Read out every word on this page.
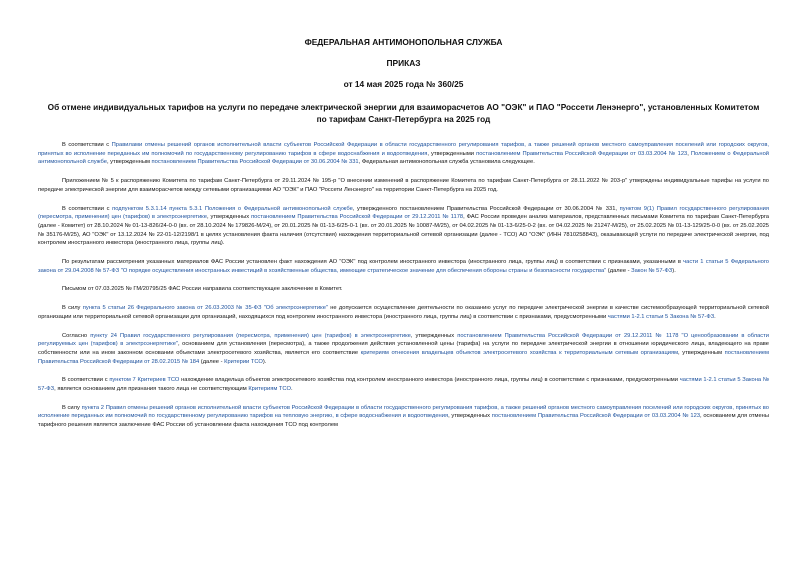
ФЕДЕРАЛЬНАЯ АНТИМОНОПОЛЬНАЯ СЛУЖБА

ПРИКАЗ

от 14 мая 2025 года № 360/25

Об отмене индивидуальных тарифов на услуги по передаче электрической энергии для взаиморасчетов АО "ОЭК" и ПАО "Россети Ленэнерго", установленных Комитетом по тарифам Санкт-Петербурга на 2025 год

В соответствии с Правилами отмены решений органов исполнительной власти субъектов Российской Федерации в области государственного регулирования тарифов, а также решений органов местного самоуправления поселений или городских округов, принятых во исполнение переданных им полномочий по государственному регулированию тарифов в сфере водоснабжения и водоотведения, утвержденными постановлением Правительства Российской Федерации от 03.03.2004 № 123, Положением о Федеральной антимонопольной службе, утвержденным постановлением Правительства Российской Федерации от 30.06.2004 № 331, Федеральная антимонопольная служба установила следующее.

Приложением № 5 к распоряжению Комитета по тарифам Санкт-Петербурга от 29.11.2024 № 195-р "О внесении изменений в распоряжение Комитета по тарифам Санкт-Петербурга от 28.11.2022 № 203-р" утверждены индивидуальные тарифы на услуги по передаче электрической энергии для взаиморасчетов между сетевыми организациями АО "ОЭК" и ПАО "Россети Ленэнерго" на территории Санкт-Петербурга на 2025 год.

В соответствии с подпунктом 5.3.1.14 пункта 5.3.1 Положения о Федеральной антимонопольной службе, утвержденного постановлением Правительства Российской Федерации от 30.06.2004 № 331, пунктом 9(1) Правил государственного регулирования (пересмотра, применения) цен (тарифов) в электроэнергетике, утвержденных постановлением Правительства Российской Федерации от 29.12.2011 № 1178, ФАС России проведен анализ материалов, представленных письмами Комитета по тарифам Санкт-Петербурга (далее - Комитет) от 28.10.2024 № 01-13-826/24-0-0 (вх. от 28.10.2024 № 179826-М/24), от 20.01.2025 № 01-13-6/25-0-1 (вх. от 20.01.2025 № 10087-М/25), от 04.02.2025 № 01-13-6/25-0-2 (вх. от 04.02.2025 № 21247-М/25), от 25.02.2025 № 01-13-129/25-0-0 (вх. от 25.02.2025 № 35176-М/25), АО "ОЭК" от 13.12.2024 № 22-01-12/2198/1 в целях установления факта наличия (отсутствия) нахождения территориальной сетевой организации (далее - ТСО) АО "ОЭК" (ИНН 7810258843), оказывающей услуги по передаче электрической энергии, под контролем иностранного инвестора (иностранного лица, группы лиц).

По результатам рассмотрения указанных материалов ФАС России установлен факт нахождения АО "ОЭК" под контролем иностранного инвестора (иностранного лица, группы лиц) в соответствии с признаками, указанными в части 1 статьи 5 Федерального закона от 29.04.2008 № 57-ФЗ "О порядке осуществления иностранных инвестиций в хозяйственные общества, имеющие стратегическое значение для обеспечения обороны страны и безопасности государства" (далее - Закон № 57-ФЗ).

Письмом от 07.03.2025 № ГМ/20795/25 ФАС России направила соответствующее заключение в Комитет.

В силу пункта 5 статьи 26 Федерального закона от 26.03.2003 № 35-ФЗ "Об электроэнергетике" не допускается осуществление деятельности по оказанию услуг по передаче электрической энергии в качестве системообразующей территориальной сетевой организации или территориальной сетевой организации для организаций, находящихся под контролем иностранного инвестора (иностранного лица, группы лиц) в соответствии с признаками, предусмотренными частями 1-2.1 статьи 5 Закона № 57-ФЗ.

Согласно пункту 24 Правил государственного регулирования (пересмотра, применения) цен (тарифов) в электроэнергетике, утвержденных постановлением Правительства Российской Федерации от 29.12.2011 № 1178 "О ценообразовании в области регулируемых цен (тарифов) в электроэнергетике", основанием для установления (пересмотра), а также продолжения действия установленной цены (тарифа) на услуги по передаче электрической энергии в отношении юридического лица, владеющего на праве собственности или на ином законном основании объектами электросетевого хозяйства, является его соответствие критериям отнесения владельцев объектов электросетевого хозяйства к территориальным сетевым организациям, утвержденным постановлением Правительства Российской Федерации от 28.02.2015 № 184 (далее - Критерии ТСО).

В соответствии с пунктом 7 Критериев ТСО нахождение владельца объектов электросетевого хозяйства под контролем иностранного инвестора (иностранного лица, группы лиц) в соответствии с признаками, предусмотренными частями 1-2.1 статьи 5 Закона № 57-ФЗ, является основанием для признания такого лица не соответствующим Критериям ТСО.

В силу пункта 2 Правил отмены решений органов исполнительной власти субъектов Российской Федерации в области государственного регулирования тарифов, а также решений органов местного самоуправления поселений или городских округов, принятых во исполнение переданных им полномочий по государственному регулированию тарифов на тепловую энергию, в сфере водоснабжения и водоотведения, утвержденных постановлением Правительства Российской Федерации от 03.03.2004 № 123, основанием для отмены тарифного решения является заключение ФАС России об установлении факта нахождения ТСО под контролем
